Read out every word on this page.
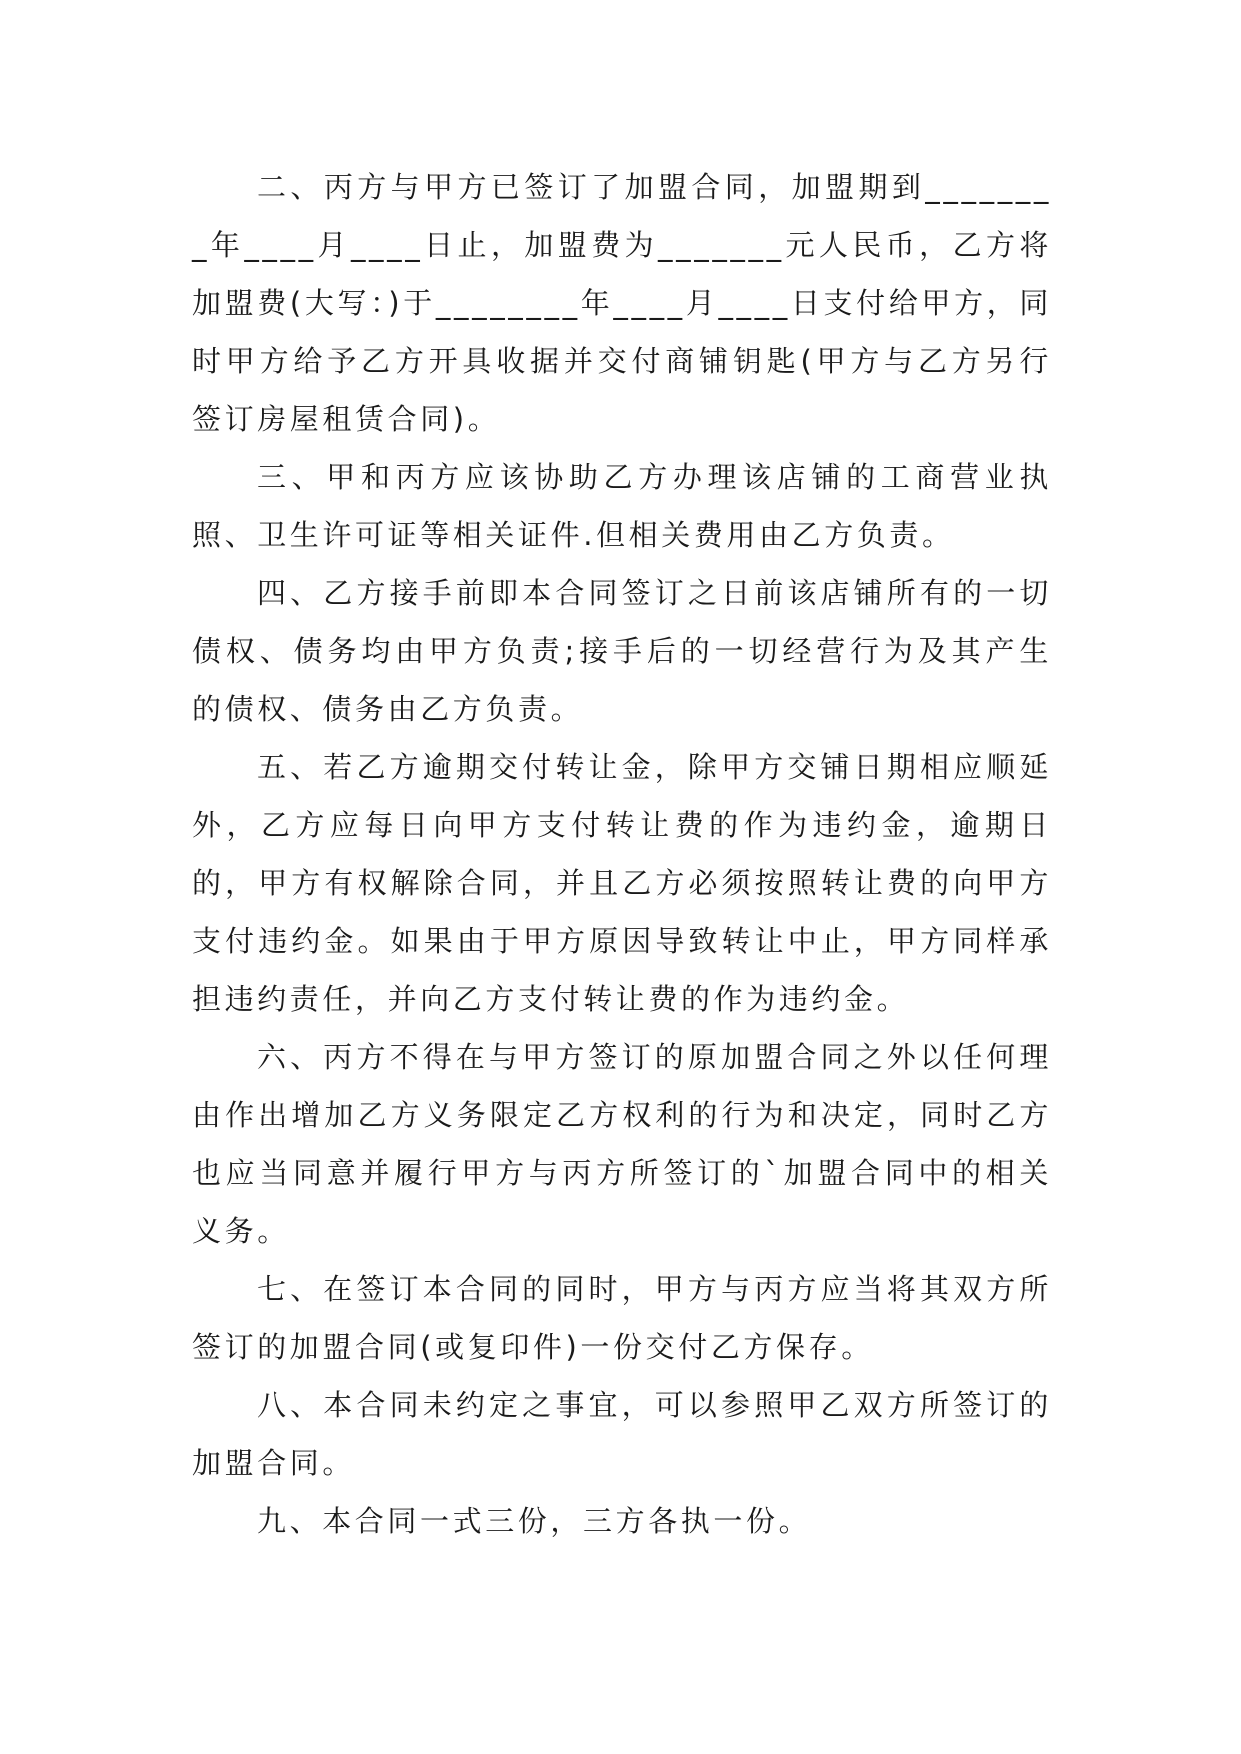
二、丙方与甲方已签订了加盟合同，加盟期到________年____月____日止，加盟费为_______元人民币，乙方将加盟费(大写：)于________年____月____日支付给甲方，同时甲方给予乙方开具收据并交付商铺钥匙(甲方与乙方另行签订房屋租赁合同)。

三、甲和丙方应该协助乙方办理该店铺的工商营业执照、卫生许可证等相关证件.但相关费用由乙方负责。

四、乙方接手前即本合同签订之日前该店铺所有的一切债权、债务均由甲方负责;接手后的一切经营行为及其产生的债权、债务由乙方负责。

五、若乙方逾期交付转让金，除甲方交铺日期相应顺延外，乙方应每日向甲方支付转让费的作为违约金，逾期日的，甲方有权解除合同，并且乙方必须按照转让费的向甲方支付违约金。如果由于甲方原因导致转让中止，甲方同样承担违约责任，并向乙方支付转让费的作为违约金。

六、丙方不得在与甲方签订的原加盟合同之外以任何理由作出增加乙方义务限定乙方权利的行为和决定，同时乙方也应当同意并履行甲方与丙方所签订的`加盟合同中的相关义务。

七、在签订本合同的同时，甲方与丙方应当将其双方所签订的加盟合同(或复印件)一份交付乙方保存。

八、本合同未约定之事宜，可以参照甲乙双方所签订的加盟合同。

九、本合同一式三份，三方各执一份。
